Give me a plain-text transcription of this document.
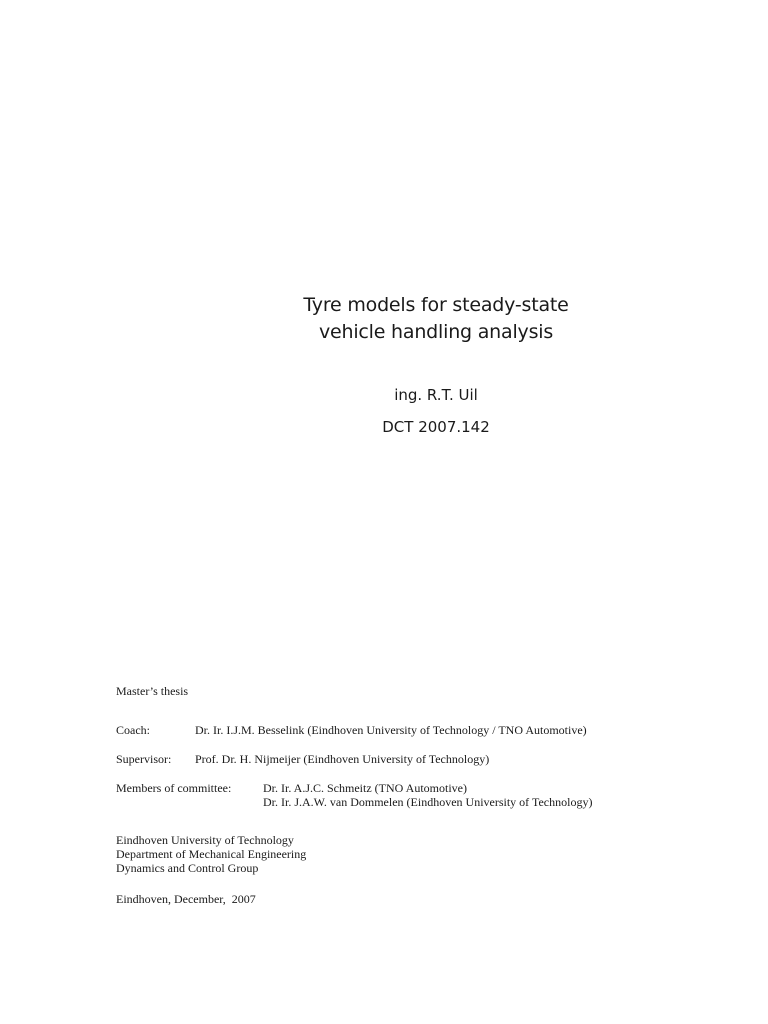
Tyre models for steady-state
vehicle handling analysis
ing. R.T. Uil
DCT 2007.142
Master’s thesis
Coach:	Dr. Ir. I.J.M. Besselink (Eindhoven University of Technology / TNO Automotive)
Supervisor: Prof. Dr. H. Nijmeijer (Eindhoven University of Technology)
Members of committee:	Dr. Ir. A.J.C. Schmeitz (TNO Automotive)
Dr. Ir. J.A.W. van Dommelen (Eindhoven University of Technology)
Eindhoven University of Technology
Department of Mechanical Engineering
Dynamics and Control Group
Eindhoven, December,  2007
